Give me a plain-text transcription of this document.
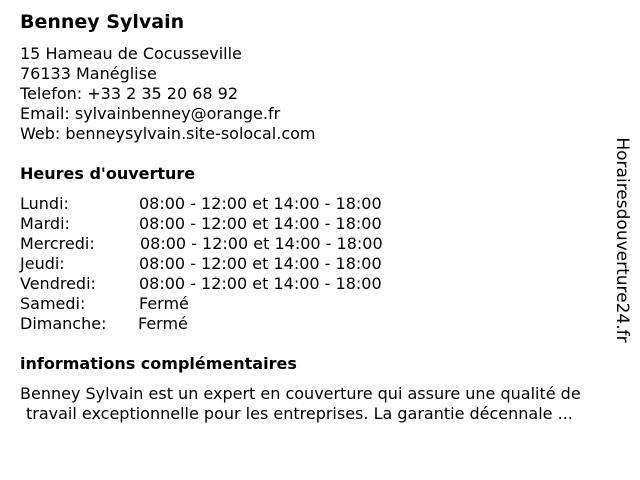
Benney Sylvain
15 Hameau de Cocusseville
76133 Manéglise
Telefon: +33 2 35 20 68 92
Email: sylvainbenney@orange.fr
Web: benneysylvain.site-solocal.com
Heures d'ouverture
Lundi:	08:00 - 12:00 et 14:00 - 18:00
Mardi:	08:00 - 12:00 et 14:00 - 18:00
Mercredi:	08:00 - 12:00 et 14:00 - 18:00
Jeudi:	08:00 - 12:00 et 14:00 - 18:00
Vendredi:	08:00 - 12:00 et 14:00 - 18:00
Samedi:	Fermé
Dimanche: Fermé
informations complémentaires
Benney Sylvain est un expert en couverture qui assure une qualité de
travail exceptionnelle pour les entreprises. La garantie décennale ...
Horairesdouverture24.fr
